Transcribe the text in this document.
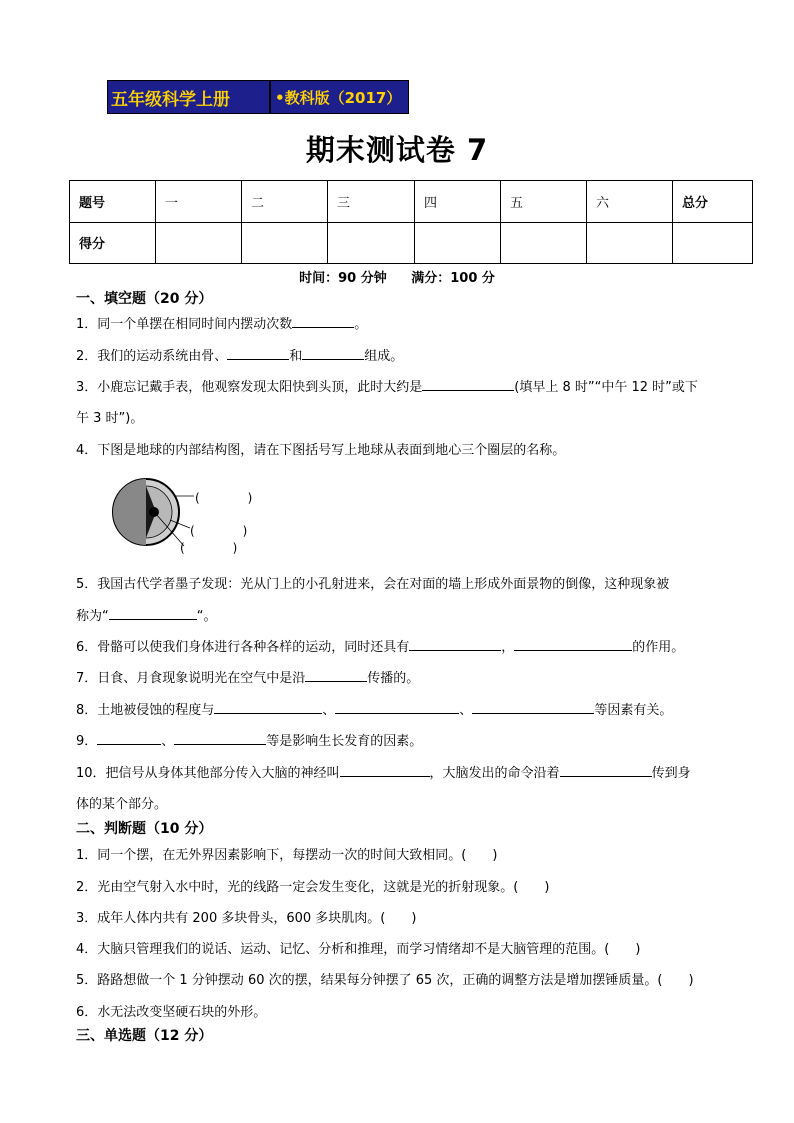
五年级科学上册	•教科版（2017）
期末测试卷 7
题号	一	二	三	四	五	六	总分
得分							
时间：90 分钟 满分：100 分
一、填空题（20 分）
1．同一个单摆在相同时间内摆动次数	。
2．我们的运动系统由骨、	和	组成。
3．小鹿忘记戴手表，他观察发现太阳快到头顶，此时大约是	(填早上 8 时”“中午 12 时”或下
午 3 时”)。
4．下图是地球的内部结构图，请在下图括号写上地球从表面到地心三个圈层的名称。
(　　　　)
(　　　　)
(　　　　)
5．我国古代学者墨子发现：光从门上的小孔射进来，会在对面的墙上形成外面景物的倒像，这种现象被
称为“	“。
6．骨骼可以使我们身体进行各种各样的运动，同时还具有	，	的作用。
7．日食、月食现象说明光在空气中是沿	传播的。
8．土地被侵蚀的程度与	、	、	等因素有关。
9．	、	等是影响生长发育的因素。
10．把信号从身体其他部分传入大脑的神经叫	，大脑发出的命令沿着	传到身
体的某个部分。
二、判断题（10 分）
1．同一个摆，在无外界因素影响下，每摆动一次的时间大致相同。(　　)
2．光由空气射入水中时，光的线路一定会发生变化，这就是光的折射现象。(　　)
3．成年人体内共有 200 多块骨头，600 多块肌肉。(　　)
4．大脑只管理我们的说话、运动、记忆、分析和推理，而学习情绪却不是大脑管理的范围。(　　)
5．路路想做一个 1 分钟摆动 60 次的摆，结果每分钟摆了 65 次，正确的调整方法是增加摆锤质量。(　　)
6．水无法改变坚硬石块的外形。
三、单选题（12 分）
